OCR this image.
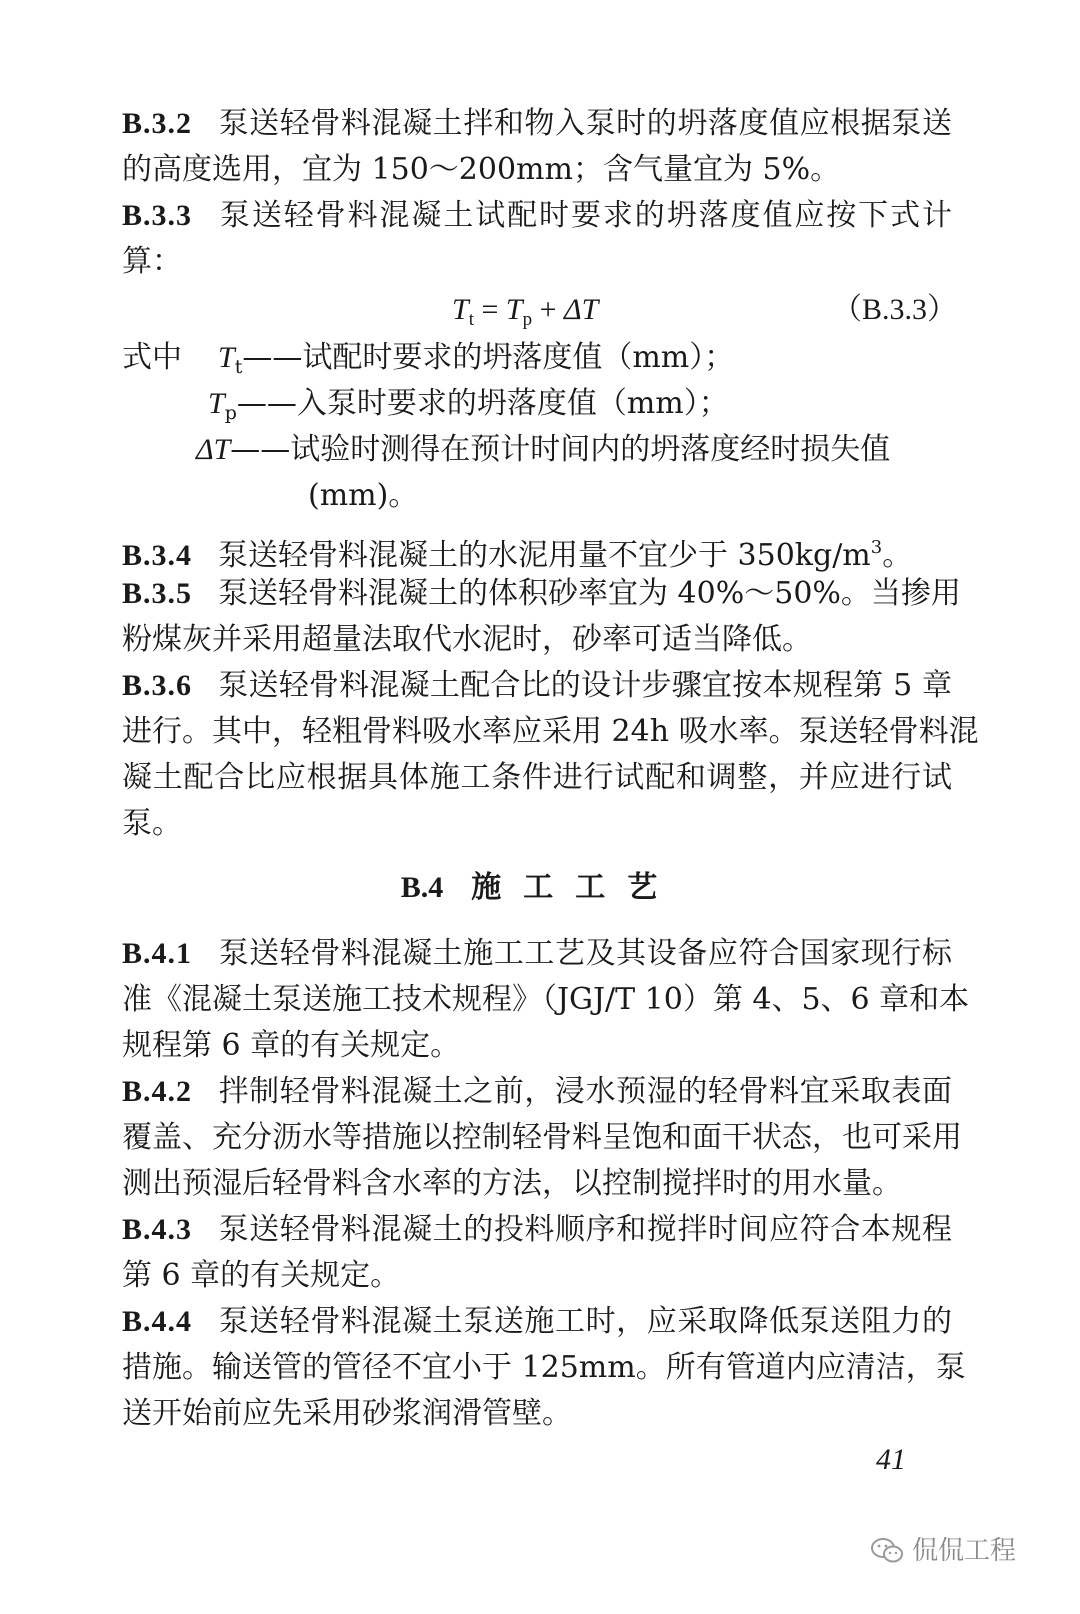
B.3.2 泵送轻骨料混凝土拌和物入泵时的坍落度值应根据泵送
的高度选用，宜为 150～200mm；含气量宜为 5%。
B.3.3 泵送轻骨料混凝土试配时要求的坍落度值应按下式计
算：
$T_t = T_p + \Delta T$	（B.3.3）
式中 $T_t——$试配时要求的坍落度值（mm）；
$T_p——$入泵时要求的坍落度值（mm）；
ΔT——试验时测得在预计时间内的坍落度经时损失值
(mm)。
B.3.4 泵送轻骨料混凝土的水泥用量不宜少于 $350kg/m^3$。
B.3.5 泵送轻骨料混凝土的体积砂率宜为 40%～50%。当掺用
粉煤灰并采用超量法取代水泥时，砂率可适当降低。
B.3.6 泵送轻骨料混凝土配合比的设计步骤宜按本规程第 5 章
进行。其中，轻粗骨料吸水率应采用 24h 吸水率。泵送轻骨料混
凝土配合比应根据具体施工条件进行试配和调整，并应进行试
泵。
B.4 施工工艺
B.4.1 泵送轻骨料混凝土施工工艺及其设备应符合国家现行标
准《混凝土泵送施工技术规程》（JGJ/T 10）第 4、5、6 章和本
规程第 6 章的有关规定。
B.4.2 拌制轻骨料混凝土之前，浸水预湿的轻骨料宜采取表面
覆盖、充分沥水等措施以控制轻骨料呈饱和面干状态，也可采用
测出预湿后轻骨料含水率的方法，以控制搅拌时的用水量。
B.4.3 泵送轻骨料混凝土的投料顺序和搅拌时间应符合本规程
第 6 章的有关规定。
B.4.4 泵送轻骨料混凝土泵送施工时，应采取降低泵送阻力的
措施。输送管的管径不宜小于 125mm。所有管道内应清洁，泵
送开始前应先采用砂浆润滑管壁。
41
侃侃工程
